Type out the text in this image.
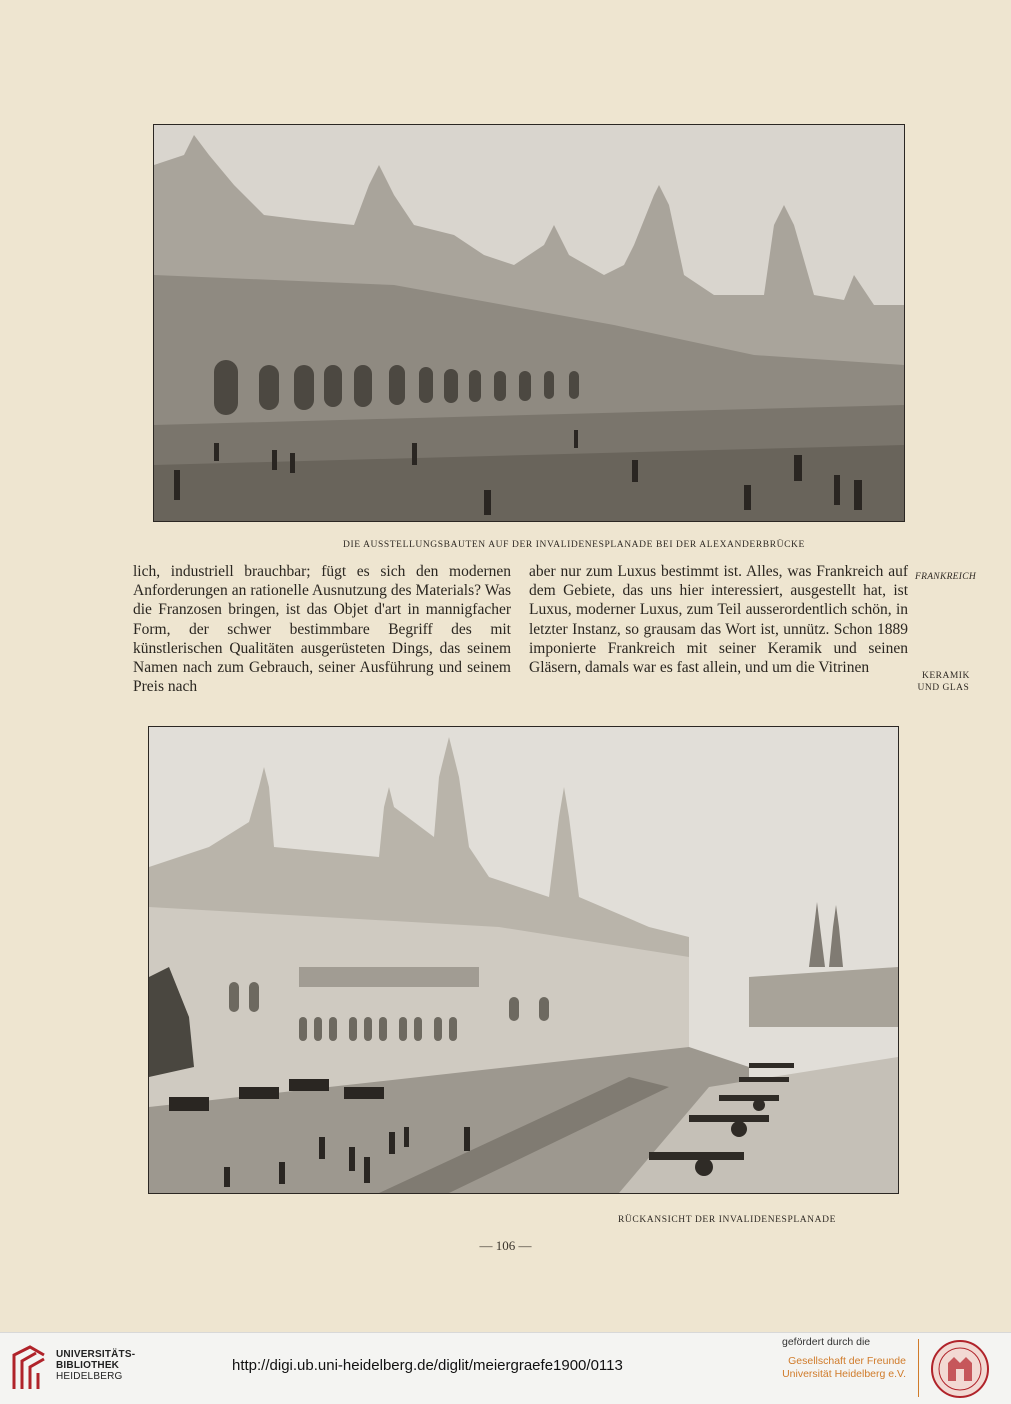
DIE AUSSTELLUNGSBAUTEN AUF DER INVALIDENESPLANADE BEI DER ALEXANDERBRÜCKE

lich, industriell brauchbar; fügt es sich den modernen Anforderungen an rationelle Ausnutzung des Materials? Was die Franzosen bringen, ist das Objet d'art in mannigfacher Form, der schwer bestimmbare Begriff des mit künstlerischen Qualitäten ausgerüsteten Dings, das seinem Namen nach zum Gebrauch, seiner Ausführung und seinem Preis nach

aber nur zum Luxus bestimmt ist. Alles, was Frankreich auf dem Gebiete, das uns hier interessiert, ausgestellt hat, ist Luxus, moderner Luxus, zum Teil ausserordentlich schön, in letzter Instanz, so grausam das Wort ist, unnütz. Schon 1889 imponierte Frankreich mit seiner Keramik und seinen Gläsern, damals war es fast allein, und um die Vitrinen

FRANKREICH
KERAMIK
UND GLAS
RÜCKANSICHT DER INVALIDENESPLANADE
— 106 —
UNIVERSITÄTS-
BIBLIOTHEK
HEIDELBERG
http://digi.ub.uni-heidelberg.de/diglit/meiergraefe1900/0113
gefördert durch die
Gesellschaft der Freunde
Universität Heidelberg e.V.
